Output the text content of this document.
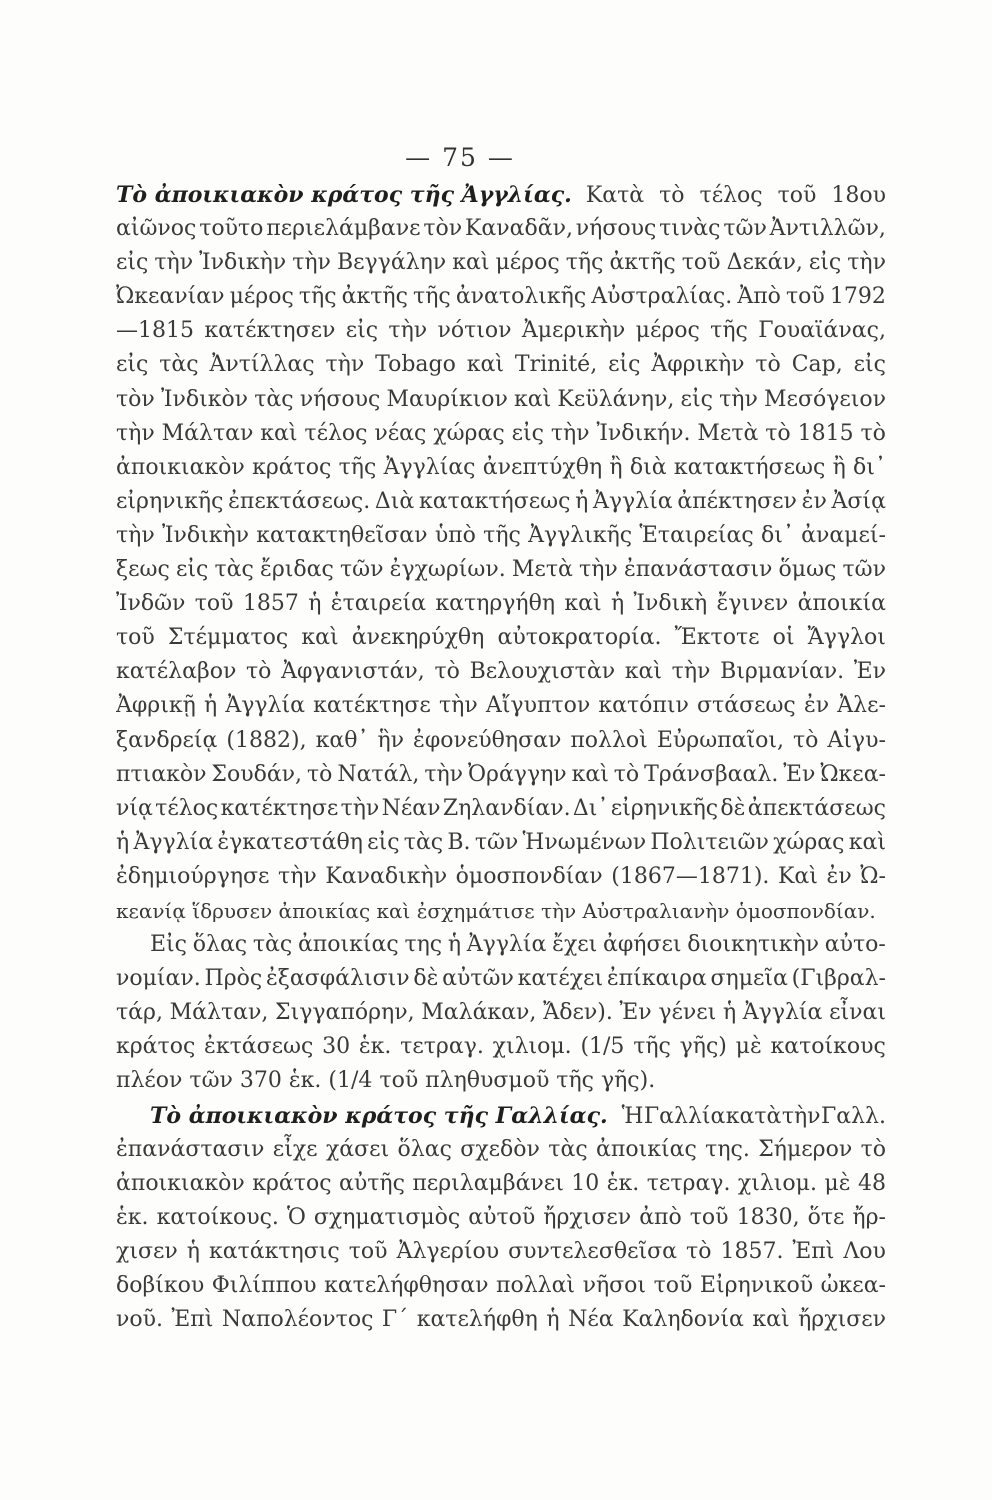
— 75 —
Τὸ ἀποικιακὸν κράτος τῆς Ἀγγλίας. Κατὰ τὸ τέλος τοῦ 18ου
αἰῶνος τοῦτο περιελάμβανε τὸν Καναδᾶν, νήσους τινὰς τῶν Ἀντιλλῶν,
εἰς τὴν Ἰνδικὴν τὴν Βεγγάλην καὶ μέρος τῆς ἀκτῆς τοῦ Δεκάν, εἰς τὴν
Ὠκεανίαν μέρος τῆς ἀκτῆς τῆς ἀνατολικῆς Αὐστραλίας. Ἀπὸ τοῦ 1792
—1815 κατέκτησεν εἰς τὴν νότιον Ἀμερικὴν μέρος τῆς Γουαϊάνας,
εἰς τὰς Ἀντίλλας τὴν Tobago καὶ Trinité, εἰς Ἀφρικὴν τὸ Cap, εἰς
τὸν Ἰνδικὸν τὰς νήσους Μαυρίκιον καὶ Κεϋλάνην, εἰς τὴν Μεσόγειον
τὴν Μάλταν καὶ τέλος νέας χώρας εἰς τὴν Ἰνδικήν. Μετὰ τὸ 1815 τὸ
ἀποικιακὸν κράτος τῆς Ἀγγλίας ἀνεπτύχθη ἢ διὰ κατακτήσεως ἢ δι᾿
εἰρηνικῆς ἐπεκτάσεως. Διὰ κατακτήσεως ἡ Ἀγγλία ἀπέκτησεν ἐν Ἀσίᾳ
τὴν Ἰνδικὴν κατακτηθεῖσαν ὑπὸ τῆς Ἀγγλικῆς Ἑταιρείας δι᾿ ἀναμεί-
ξεως εἰς τὰς ἔριδας τῶν ἐγχωρίων. Μετὰ τὴν ἐπανάστασιν ὅμως τῶν
Ἰνδῶν τοῦ 1857 ἡ ἑταιρεία κατηργήθη καὶ ἡ Ἰνδικὴ ἔγινεν ἀποικία
τοῦ Στέμματος καὶ ἀνεκηρύχθη αὐτοκρατορία. Ἔκτοτε οἱ Ἄγγλοι
κατέλαβον τὸ Ἀφγανιστάν, τὸ Βελουχιστὰν καὶ τὴν Βιρμανίαν. Ἐν
Ἀφρικῇ ἡ Ἀγγλία κατέκτησε τὴν Αἴγυπτον κατόπιν στάσεως ἐν Ἀλε-
ξανδρείᾳ (1882), καθ᾿ ἣν ἐφονεύθησαν πολλοὶ Εὐρωπαῖοι, τὸ Αἰγυ-
πτιακὸν Σουδάν, τὸ Νατάλ, τὴν Ὀράγγην καὶ τὸ Τράνσβααλ. Ἐν Ὠκεα-
νίᾳ τέλος κατέκτησε τὴν Νέαν Ζηλανδίαν. Δι᾿ εἰρηνικῆς δὲ ἀπεκτάσεως
ἡ Ἀγγλία ἐγκατεστάθη εἰς τὰς Β. τῶν Ἡνωμένων Πολιτειῶν χώρας καὶ
ἐδημιούργησε τὴν Καναδικὴν ὁμοσπονδίαν (1867—1871). Καὶ ἐν Ὠ-
κεανίᾳ ἵδρυσεν ἀποικίας καὶ ἐσχημάτισε τὴν Αὐστραλιανὴν ὁμοσπονδίαν.
Εἰς ὅλας τὰς ἀποικίας της ἡ Ἀγγλία ἔχει ἀφήσει διοικητικὴν αὐτο-
νομίαν. Πρὸς ἐξασφάλισιν δὲ αὐτῶν κατέχει ἐπίκαιρα σημεῖα (Γιβραλ-
τάρ, Μάλταν, Σιγγαπόρην, Μαλάκαν, Ἄδεν). Ἐν γένει ἡ Ἀγγλία εἶναι
κράτος ἐκτάσεως 30 ἑκ. τετραγ. χιλιομ. (1/5 τῆς γῆς) μὲ κατοίκους
πλέον τῶν 370 ἑκ. (1/4 τοῦ πληθυσμοῦ τῆς γῆς).
Τὸ ἀποικιακὸν κράτος τῆς Γαλλίας. Ἡ Γαλλία κατὰ τὴν Γαλλ.
ἐπανάστασιν εἶχε χάσει ὅλας σχεδὸν τὰς ἀποικίας της. Σήμερον τὸ
ἀποικιακὸν κράτος αὐτῆς περιλαμβάνει 10 ἑκ. τετραγ. χιλιομ. μὲ 48
ἑκ. κατοίκους. Ὁ σχηματισμὸς αὐτοῦ ἤρχισεν ἀπὸ τοῦ 1830, ὅτε ἤρ-
χισεν ἡ κατάκτησις τοῦ Ἀλγερίου συντελεσθεῖσα τὸ 1857. Ἐπὶ Λου
δοβίκου Φιλίππου κατελήφθησαν πολλαὶ νῆσοι τοῦ Εἰρηνικοῦ ὠκεα-
νοῦ. Ἐπὶ Ναπολέοντος Γ´ κατελήφθη ἡ Νέα Καληδονία καὶ ἤρχισεν
